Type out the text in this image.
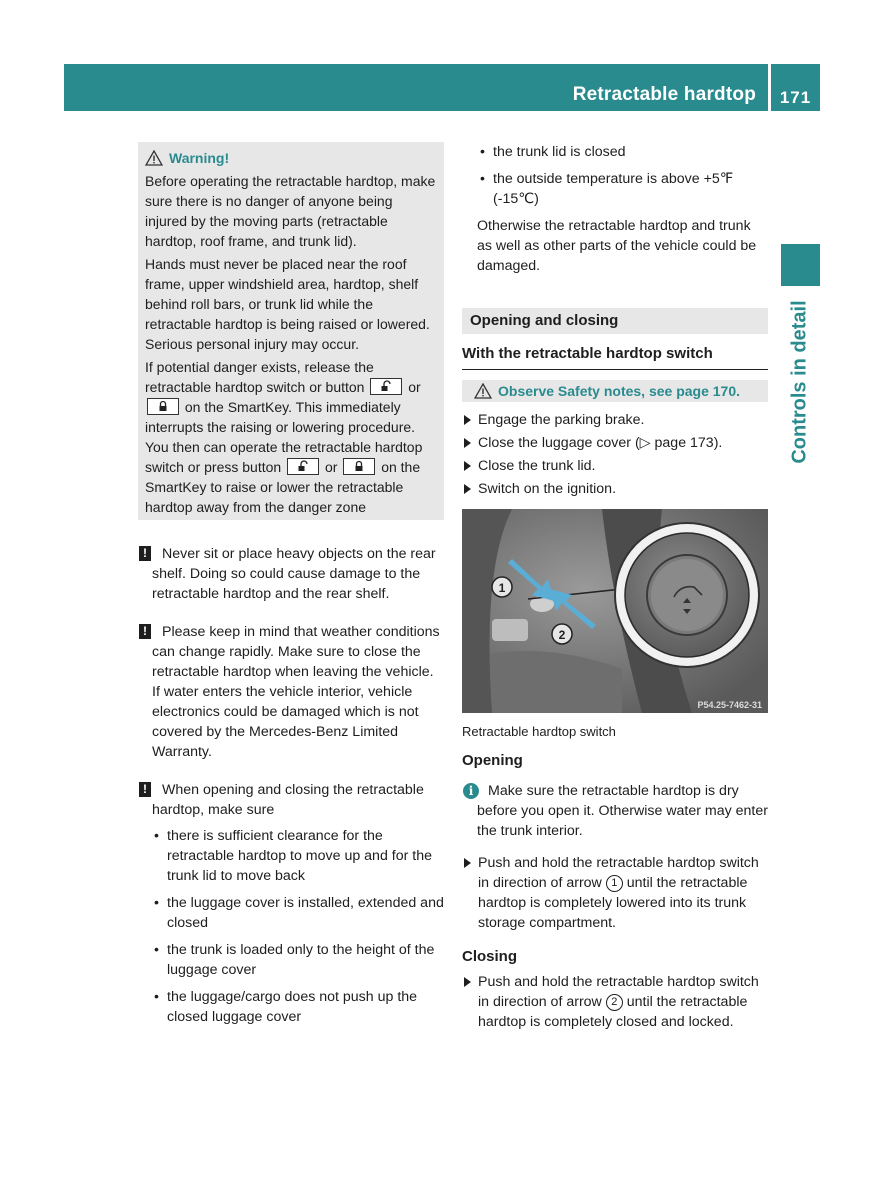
Retractable hardtop	171
Controls in detail
Warning!

Before operating the retractable hardtop, make sure there is no danger of anyone being injured by the moving parts (retractable hardtop, roof frame, and trunk lid).

Hands must never be placed near the roof frame, upper windshield area, hardtop, shelf behind roll bars, or trunk lid while the retractable hardtop is being raised or lowered. Serious personal injury may occur.

If potential danger exists, release the retractable hardtop switch or button	or
on the SmartKey. This immediately interrupts the raising or lowering procedure. You then can operate the retractable hardtop switch or press button	or	on the SmartKey to raise or lower the retractable hardtop away from the danger zone

!	Never sit or place heavy objects on the rear shelf. Doing so could cause damage to the retractable hardtop and the rear shelf.

!	Please keep in mind that weather conditions can change rapidly. Make sure to close the retractable hardtop when leaving the vehicle. If water enters the vehicle interior, vehicle electronics could be damaged which is not covered by the Mercedes-Benz Limited Warranty.

!	When opening and closing the retractable hardtop, make sure

• there is sufficient clearance for the retractable hardtop to move up and for the trunk lid to move back
• the luggage cover is installed, extended and closed
• the trunk is loaded only to the height of the luggage cover
• the luggage/cargo does not push up the closed luggage cover
• the trunk lid is closed
• the outside temperature is above +5℉ (-15℃)

Otherwise the retractable hardtop and trunk as well as other parts of the vehicle could be damaged.

Opening and closing
With the retractable hardtop switch
Observe Safety notes, see page 170.
Engage the parking brake.
Close the luggage cover (▷ page 173).
Close the trunk lid.
Switch on the ignition.
1
2
P54.25-7462-31
Retractable hardtop switch
Opening
i	Make sure the retractable hardtop is dry before you open it. Otherwise water may enter the trunk interior.

Push and hold the retractable hardtop switch in direction of arrow 1 until the retractable hardtop is completely lowered into its trunk storage compartment.
Closing
Push and hold the retractable hardtop switch in direction of arrow 2 until the retractable hardtop is completely closed and locked.
